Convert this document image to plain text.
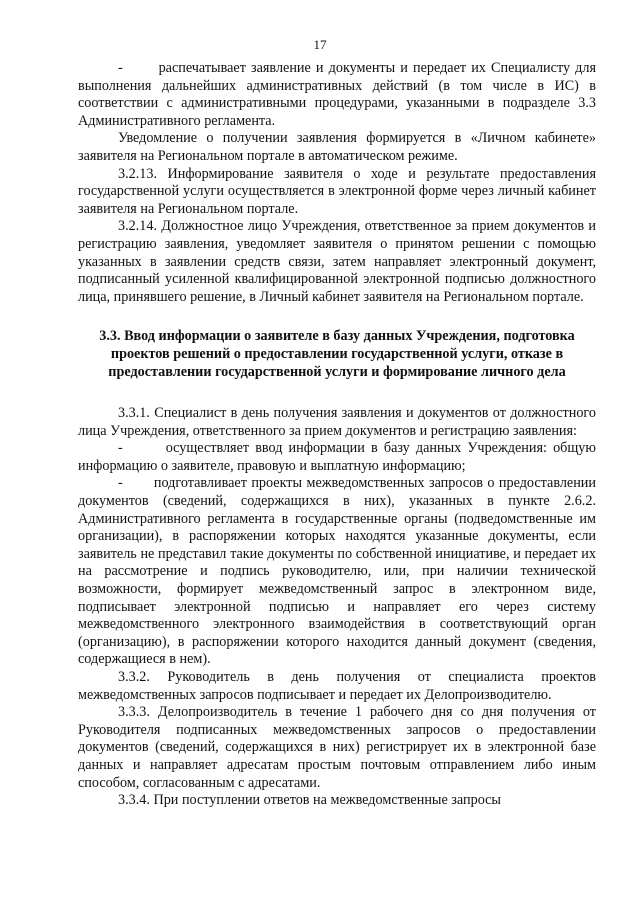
17

-       распечатывает заявление и документы и передает их Специалисту для выполнения дальнейших административных действий (в том числе в ИС) в соответствии с административными процедурами, указанными в подразделе 3.3 Административного регламента.

Уведомление о получении заявления формируется в «Личном кабинете» заявителя на Региональном портале в автоматическом режиме.

3.2.13. Информирование заявителя о ходе и результате предоставления государственной услуги осуществляется в электронной форме через личный кабинет заявителя на Региональном портале.

3.2.14. Должностное лицо Учреждения, ответственное за прием документов и регистрацию заявления, уведомляет заявителя о принятом решении с помощью указанных в заявлении средств связи, затем направляет электронный документ, подписанный усиленной квалифицированной электронной подписью должностного лица, принявшего решение, в Личный кабинет заявителя на Региональном портале.

3.3. Ввод информации о заявителе в базу данных Учреждения, подготовка проектов решений о предоставлении государственной услуги, отказе в предоставлении государственной услуги и формирование личного дела

3.3.1. Специалист в день получения заявления и документов от должностного лица Учреждения, ответственного за прием документов и регистрацию заявления:

-       осуществляет ввод информации в базу данных Учреждения: общую информацию о заявителе, правовую и выплатную информацию;

-       подготавливает проекты межведомственных запросов о предоставлении документов (сведений, содержащихся в них), указанных в пункте 2.6.2. Административного регламента в государственные органы (подведомственные им организации), в распоряжении которых находятся указанные документы, если заявитель не представил такие документы по собственной инициативе, и передает их на рассмотрение и подпись руководителю, или, при наличии технической возможности, формирует межведомственный запрос в электронном виде, подписывает электронной подписью и направляет его через систему межведомственного электронного взаимодействия в соответствующий орган (организацию), в распоряжении которого находится данный документ (сведения, содержащиеся в нем).

3.3.2. Руководитель в день получения от специалиста проектов межведомственных запросов подписывает и передает их Делопроизводителю.

3.3.3. Делопроизводитель в течение 1 рабочего дня со дня получения от Руководителя подписанных межведомственных запросов о предоставлении документов (сведений, содержащихся в них) регистрирует их в электронной базе данных и направляет адресатам простым почтовым отправлением либо иным способом, согласованным с адресатами.

3.3.4. При поступлении ответов на межведомственные запросы
